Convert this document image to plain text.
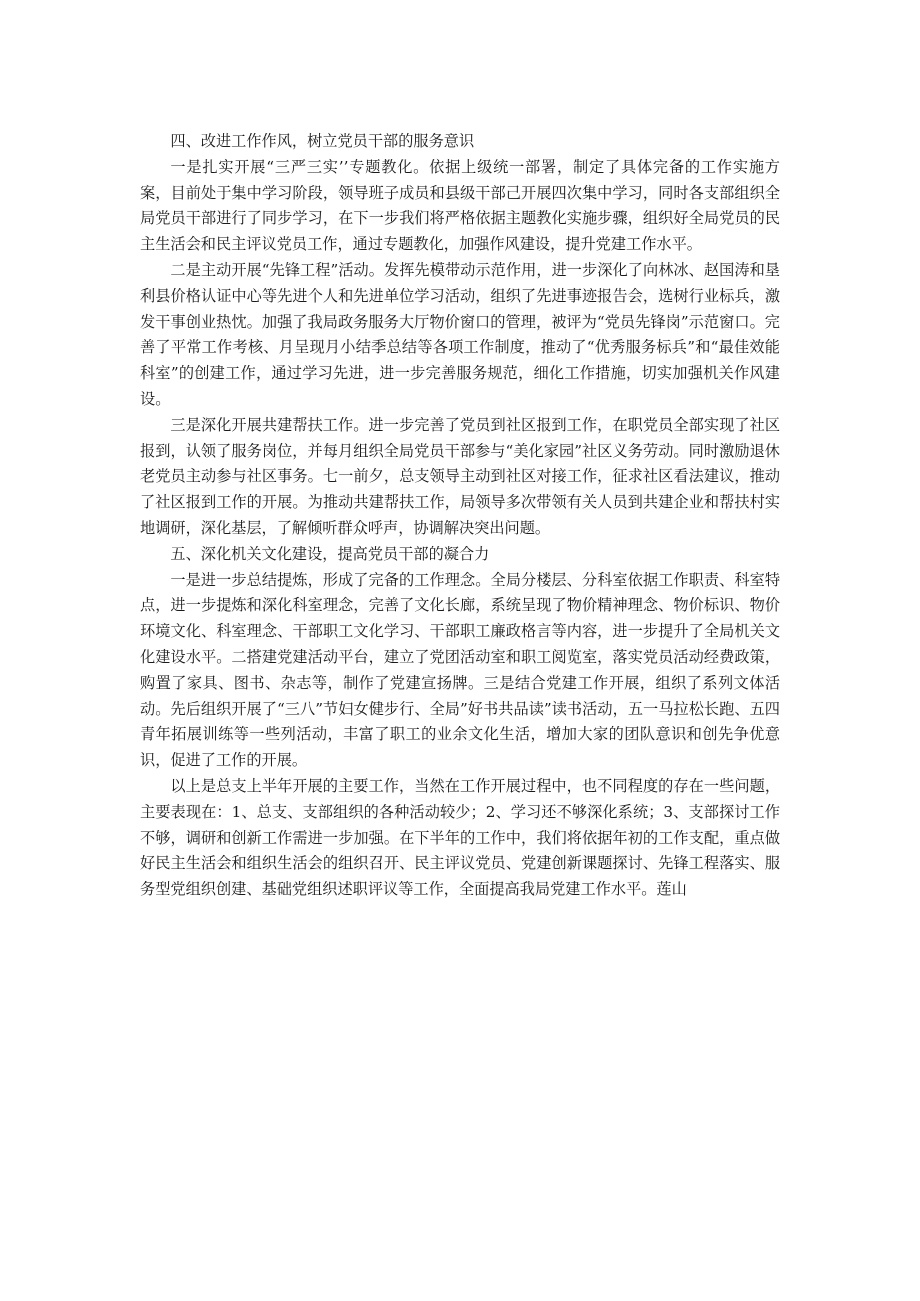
四、改进工作作风，树立党员干部的服务意识

一是扎实开展“三严三实’’专题教化。依据上级统一部署，制定了具体完备的工作实施方案，目前处于集中学习阶段，领导班子成员和县级干部己开展四次集中学习，同时各支部组织全局党员干部进行了同步学习，在下一步我们将严格依据主题教化实施步骤，组织好全局党员的民主生活会和民主评议党员工作，通过专题教化，加强作风建设，提升党建工作水平。

二是主动开展“先锋工程”活动。发挥先模带动示范作用，进一步深化了向林冰、赵国涛和垦利县价格认证中心等先进个人和先进单位学习活动，组织了先进事迹报告会，选树行业标兵，激发干事创业热忱。加强了我局政务服务大厅物价窗口的管理，被评为“党员先锋岗”示范窗口。完善了平常工作考核、月呈现月小结季总结等各项工作制度，推动了“优秀服务标兵”和“最佳效能科室”的创建工作，通过学习先进，进一步完善服务规范，细化工作措施，切实加强机关作风建设。

三是深化开展共建帮扶工作。进一步完善了党员到社区报到工作，在职党员全部实现了社区报到，认领了服务岗位，并每月组织全局党员干部参与“美化家园”社区义务劳动。同时激励退休老党员主动参与社区事务。七一前夕，总支领导主动到社区对接工作，征求社区看法建议，推动了社区报到工作的开展。为推动共建帮扶工作，局领导多次带领有关人员到共建企业和帮扶村实地调研，深化基层，了解倾听群众呼声，协调解决突出问题。

五、深化机关文化建设，提高党员干部的凝合力

一是进一步总结提炼，形成了完备的工作理念。全局分楼层、分科室依据工作职责、科室特点，进一步提炼和深化科室理念，完善了文化长廊，系统呈现了物价精神理念、物价标识、物价环境文化、科室理念、干部职工文化学习、干部职工廉政格言等内容，进一步提升了全局机关文化建设水平。二搭建党建活动平台，建立了党团活动室和职工阅览室，落实党员活动经费政策，购置了家具、图书、杂志等，制作了党建宣扬牌。三是结合党建工作开展，组织了系列文体活动。先后组织开展了“三八”节妇女健步行、全局”好书共品读”读书活动，五一马拉松长跑、五四青年拓展训练等一些列活动，丰富了职工的业余文化生活，增加大家的团队意识和创先争优意识，促进了工作的开展。

以上是总支上半年开展的主要工作，当然在工作开展过程中，也不同程度的存在一些问题，主要表现在：1、总支、支部组织的各种活动较少；2、学习还不够深化系统；3、支部探讨工作不够，调研和创新工作需进一步加强。在下半年的工作中，我们将依据年初的工作支配，重点做好民主生活会和组织生活会的组织召开、民主评议党员、党建创新课题探讨、先锋工程落实、服务型党组织创建、基础党组织述职评议等工作，全面提高我局党建工作水平。莲山
